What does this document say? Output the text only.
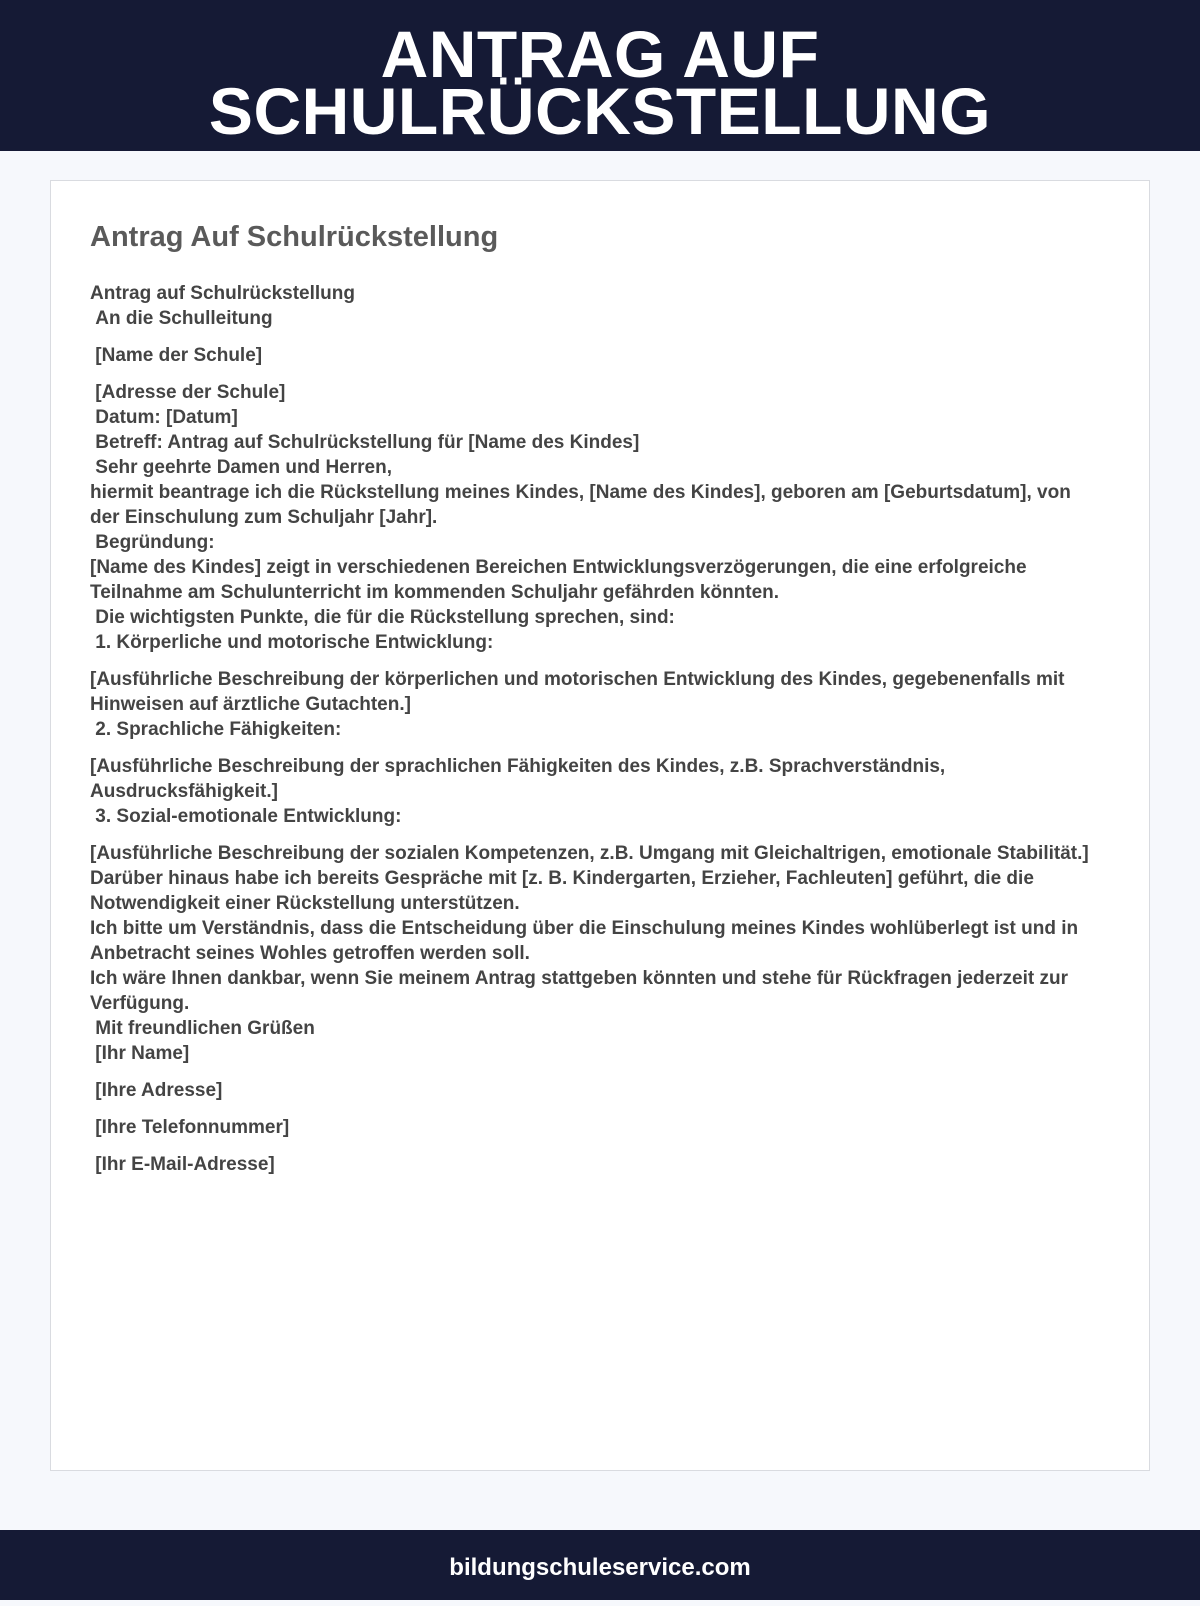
ANTRAG AUF
SCHULRÜCKSTELLUNG
Antrag Auf Schulrückstellung
Antrag auf Schulrückstellung
An die Schulleitung
[Name der Schule]
[Adresse der Schule]
Datum: [Datum]
Betreff: Antrag auf Schulrückstellung für [Name des Kindes]
Sehr geehrte Damen und Herren,
hiermit beantrage ich die Rückstellung meines Kindes, [Name des Kindes], geboren am [Geburtsdatum], von der Einschulung zum Schuljahr [Jahr].
Begründung:
[Name des Kindes] zeigt in verschiedenen Bereichen Entwicklungsverzögerungen, die eine erfolgreiche Teilnahme am Schulunterricht im kommenden Schuljahr gefährden könnten.
Die wichtigsten Punkte, die für die Rückstellung sprechen, sind:
1. Körperliche und motorische Entwicklung:
[Ausführliche Beschreibung der körperlichen und motorischen Entwicklung des Kindes, gegebenenfalls mit Hinweisen auf ärztliche Gutachten.]
2. Sprachliche Fähigkeiten:
[Ausführliche Beschreibung der sprachlichen Fähigkeiten des Kindes, z.B. Sprachverständnis, Ausdrucksfähigkeit.]
3. Sozial-emotionale Entwicklung:
[Ausführliche Beschreibung der sozialen Kompetenzen, z.B. Umgang mit Gleichaltrigen, emotionale Stabilität.]
Darüber hinaus habe ich bereits Gespräche mit [z. B. Kindergarten, Erzieher, Fachleuten] geführt, die die Notwendigkeit einer Rückstellung unterstützen.
Ich bitte um Verständnis, dass die Entscheidung über die Einschulung meines Kindes wohlüberlegt ist und in Anbetracht seines Wohles getroffen werden soll.
Ich wäre Ihnen dankbar, wenn Sie meinem Antrag stattgeben könnten und stehe für Rückfragen jederzeit zur Verfügung.
Mit freundlichen Grüßen
[Ihr Name]
[Ihre Adresse]
[Ihre Telefonnummer]
[Ihr E-Mail-Adresse]
bildungschuleservice.com
